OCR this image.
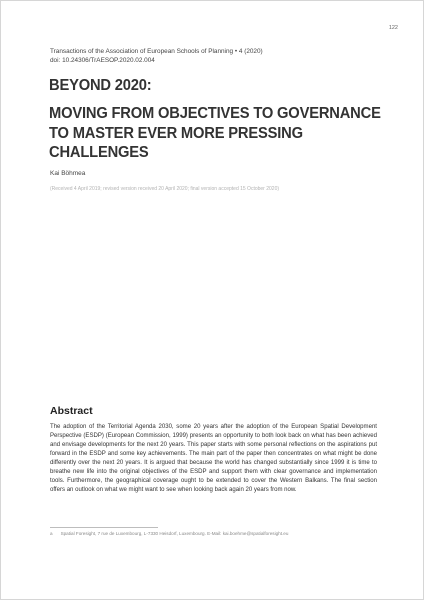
122
Transactions of the Association of European Schools of Planning • 4 (2020)
doi: 10.24306/TrAESOP.2020.02.004
BEYOND 2020:
MOVING FROM OBJECTIVES TO GOVERNANCE
TO MASTER EVER MORE PRESSING
CHALLENGES
Kai Böhmea
(Received 4 April 2019; revised version received 20 April 2020; final version accepted 15 October 2020)
Abstract
The adoption of the Territorial Agenda 2030, some 20 years after the adoption of the European Spatial Development Perspective (ESDP) (European Commission, 1999) presents an opportunity to both look back on what has been achieved and envisage developments for the next 20 years. This paper starts with some personal reflections on the aspirations put forward in the ESDP and some key achievements. The main part of the paper then concentrates on what might be done differently over the next 20 years. It is argued that because the world has changed substantially since 1999 it is time to breathe new life into the original objectives of the ESDP and support them with clear governance and implementation tools. Furthermore, the geographical coverage ought to be extended to cover the Western Balkans. The final section offers an outlook on what we might want to see when looking back again 20 years from now.
a Spatial Foresight, 7 rue de Luxembourg, L-7330 Heisdorf, Luxembourg. E-Mail: kai.boehme@spatialforesight.eu
